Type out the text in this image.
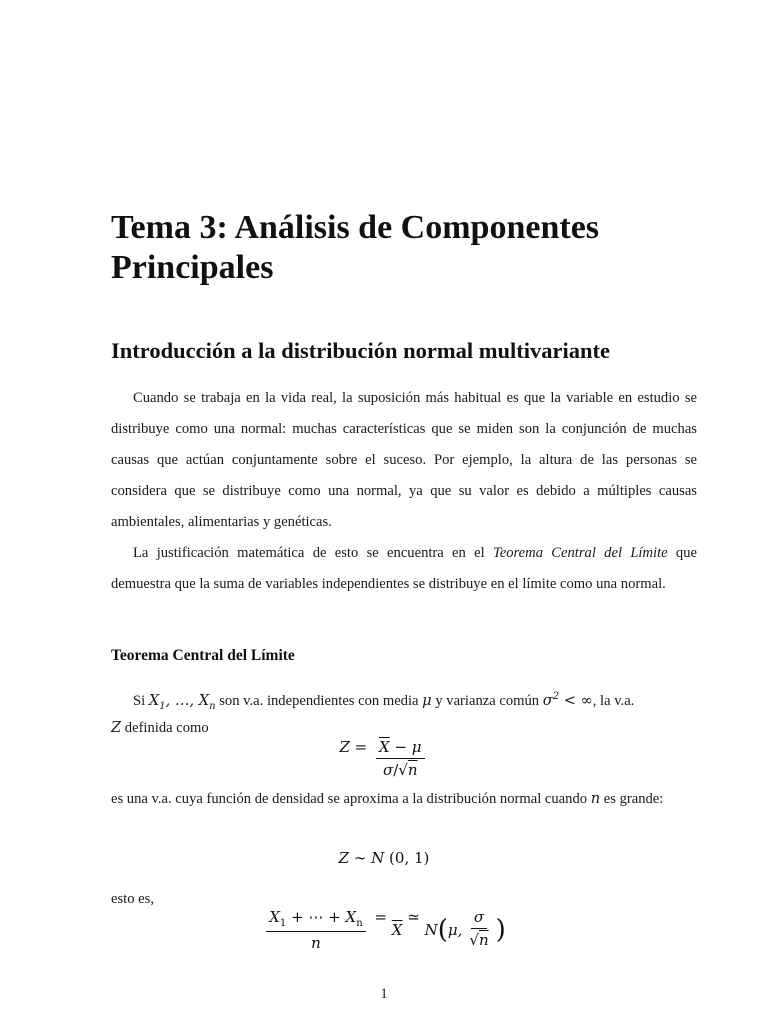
Tema 3: Análisis de Componentes Principales
Introducción a la distribución normal multivariante

Cuando se trabaja en la vida real, la suposición más habitual es que la variable en estudio se distribuye como una normal: muchas características que se miden son la conjunción de muchas causas que actúan conjuntamente sobre el suceso. Por ejemplo, la altura de las personas se considera que se distribuye como una normal, ya que su valor es debido a múltiples causas ambientales, alimentarias y genéticas.

La justificación matemática de esto se encuentra en el Teorema Central del Límite que demuestra que la suma de variables independientes se distribuye en el límite como una normal.

Teorema Central del Límite

Si $X_1$, …, $X_n$ son v.a. independientes con media μ y varianza común $\sigma^2$ < ∞, la v.a.

Z definida como

$Z = \frac{\overline{X} - \mu}{\sigma/√n}$

es una v.a. cuya función de densidad se aproxima a la distribución normal cuando n es grande:

Z ∼ N (0, 1)

esto es,

$\frac{X_1 + \cdots + X_n}{n}$ =
$\overline{X}$
≃
N ( μ, $\frac{\sigma}{√n}$ )
1
